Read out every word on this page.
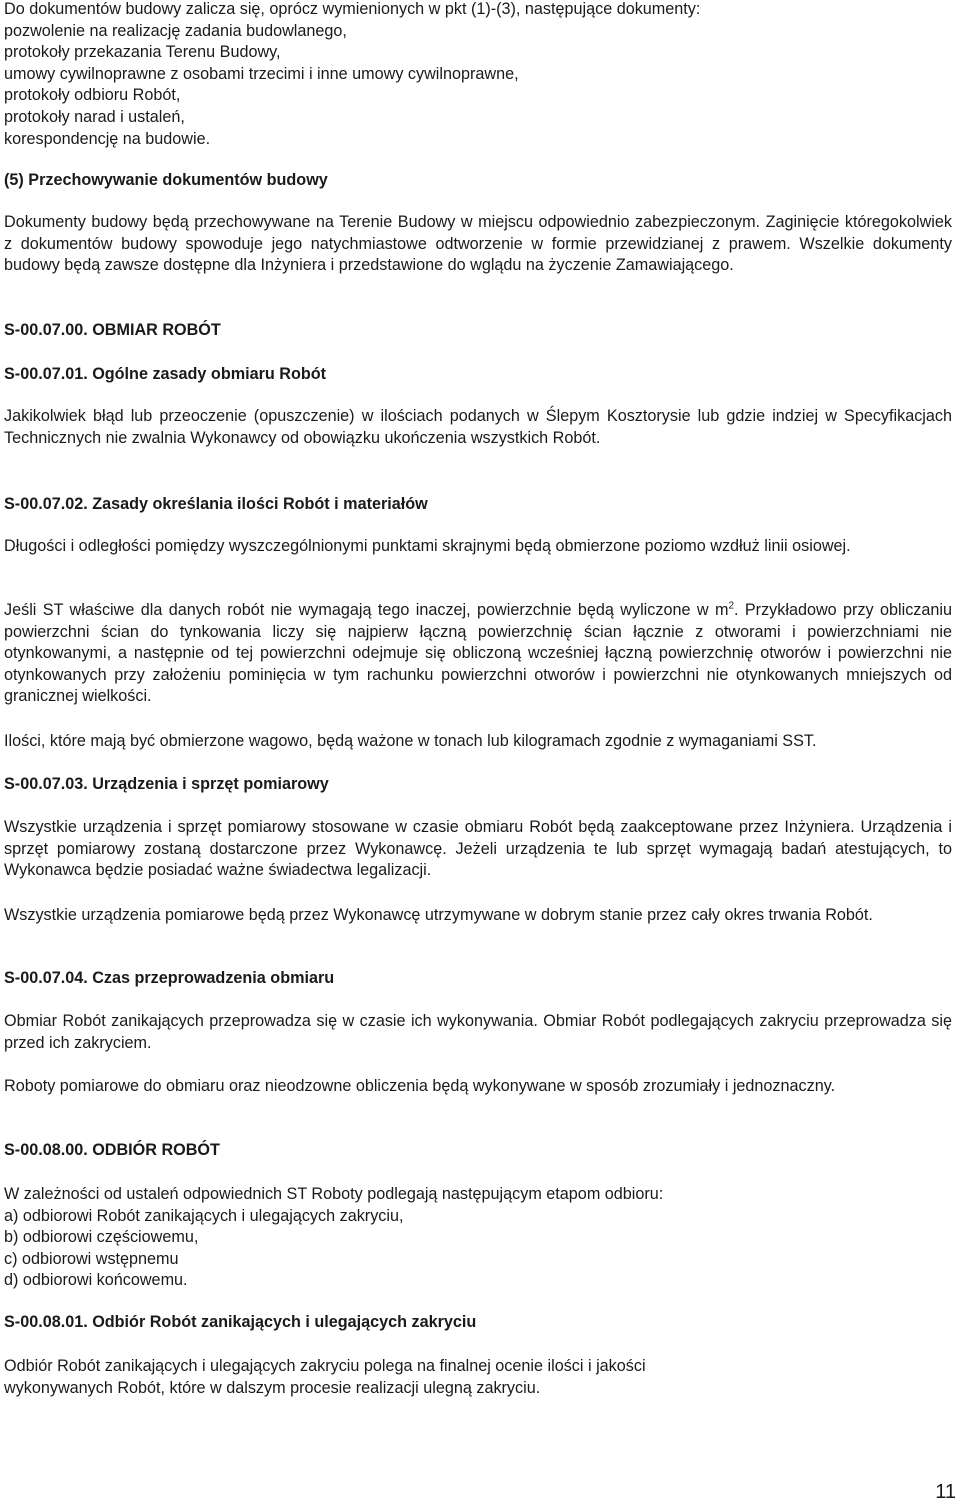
Do dokumentów budowy zalicza się, oprócz wymienionych w pkt (1)-(3), następujące dokumenty:
pozwolenie na realizację zadania budowlanego,
protokoły przekazania Terenu Budowy,
umowy cywilnoprawne z osobami trzecimi i inne umowy cywilnoprawne,
protokoły odbioru Robót,
protokoły narad i ustaleń,
korespondencję na budowie.

(5) Przechowywanie dokumentów budowy

Dokumenty budowy będą przechowywane na Terenie Budowy w miejscu odpowiednio zabezpieczonym. Zaginięcie któregokolwiek z dokumentów budowy spowoduje jego natychmiastowe odtworzenie w formie przewidzianej z prawem. Wszelkie dokumenty budowy będą zawsze dostępne dla Inżyniera i przedstawione do wglądu na życzenie Zamawiającego.

S-00.07.00. OBMIAR ROBÓT

S-00.07.01. Ogólne zasady obmiaru Robót

Jakikolwiek błąd lub przeoczenie (opuszczenie) w ilościach podanych w Ślepym Kosztorysie lub gdzie indziej w Specyfikacjach Technicznych nie zwalnia Wykonawcy od obowiązku ukończenia wszystkich Robót.

S-00.07.02. Zasady określania ilości Robót i materiałów

Długości i odległości pomiędzy wyszczególnionymi punktami skrajnymi będą obmierzone poziomo wzdłuż linii osiowej.

Jeśli ST właściwe dla danych robót nie wymagają tego inaczej, powierzchnie będą wyliczone w $m^2$. Przykładowo przy obliczaniu powierzchni ścian do tynkowania liczy się najpierw łączną powierzchnię ścian łącznie z otworami i powierzchniami nie otynkowanymi, a następnie od tej powierzchni odejmuje się obliczoną wcześniej łączną powierzchnię otworów i powierzchni nie otynkowanych przy założeniu pominięcia w tym rachunku powierzchni otworów i powierzchni nie otynkowanych mniejszych od granicznej wielkości.

Ilości, które mają być obmierzone wagowo, będą ważone w tonach lub kilogramach zgodnie z wymaganiami SST.

S-00.07.03. Urządzenia i sprzęt pomiarowy

Wszystkie urządzenia i sprzęt pomiarowy stosowane w czasie obmiaru Robót będą zaakceptowane przez Inżyniera. Urządzenia i sprzęt pomiarowy zostaną dostarczone przez Wykonawcę. Jeżeli urządzenia te lub sprzęt wymagają badań atestujących, to Wykonawca będzie posiadać ważne świadectwa legalizacji.

Wszystkie urządzenia pomiarowe będą przez Wykonawcę utrzymywane w dobrym stanie przez cały okres trwania Robót.

S-00.07.04. Czas przeprowadzenia obmiaru

Obmiar Robót zanikających przeprowadza się w czasie ich wykonywania. Obmiar Robót podlegających zakryciu przeprowadza się przed ich zakryciem.

Roboty pomiarowe do obmiaru oraz nieodzowne obliczenia będą wykonywane w sposób zrozumiały i jednoznaczny.

S-00.08.00. ODBIÓR ROBÓT

W zależności od ustaleń odpowiednich ST Roboty podlegają następującym etapom odbioru:
a) odbiorowi Robót zanikających i ulegających zakryciu,
b) odbiorowi częściowemu,
c) odbiorowi wstępnemu
d) odbiorowi końcowemu.

S-00.08.01. Odbiór Robót zanikających i ulegających zakryciu

Odbiór Robót zanikających i ulegających zakryciu polega na finalnej ocenie ilości i jakości
wykonywanych Robót, które w dalszym procesie realizacji ulegną zakryciu.
11
